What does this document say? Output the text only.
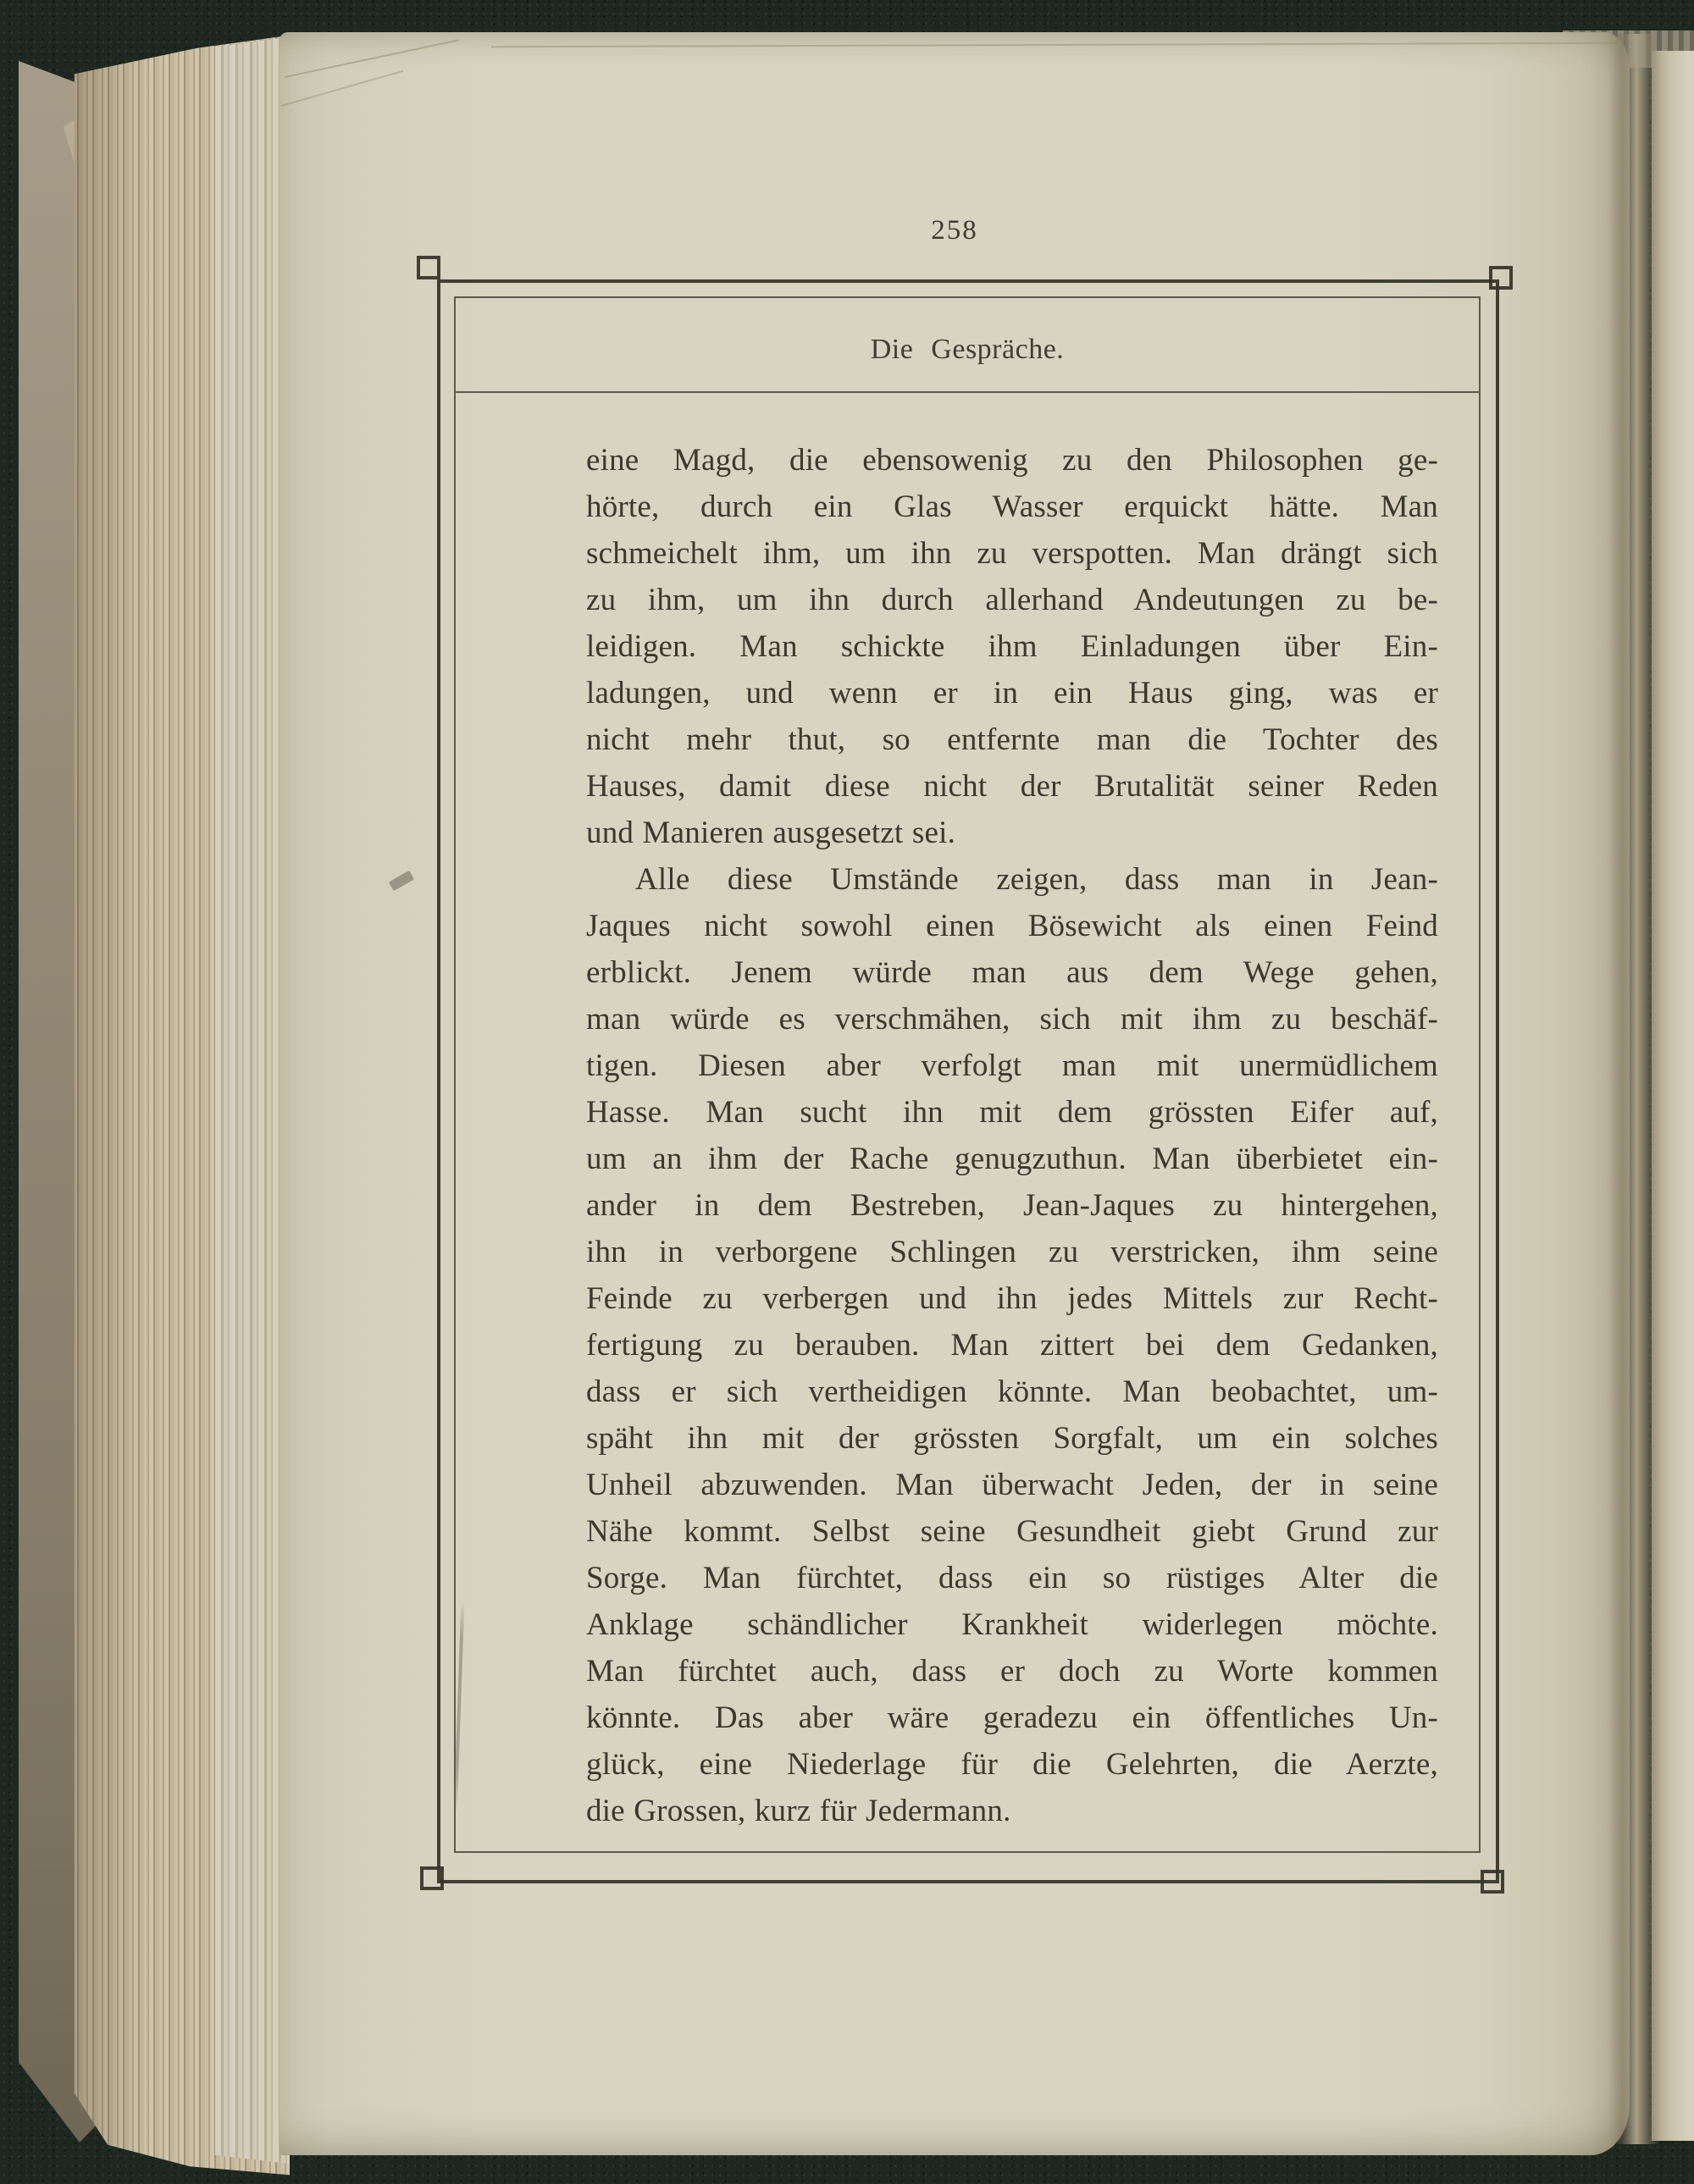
258
Die Gespräche.
eine Magd, die ebensowenig zu den Philosophen ge-
hörte, durch ein Glas Wasser erquickt hätte. Man
schmeichelt ihm, um ihn zu verspotten. Man drängt sich
zu ihm, um ihn durch allerhand Andeutungen zu be-
leidigen. Man schickte ihm Einladungen über Ein-
ladungen, und wenn er in ein Haus ging, was er
nicht mehr thut, so entfernte man die Tochter des
Hauses, damit diese nicht der Brutalität seiner Reden
und Manieren ausgesetzt sei.
Alle diese Umstände zeigen, dass man in Jean-
Jaques nicht sowohl einen Bösewicht als einen Feind
erblickt. Jenem würde man aus dem Wege gehen,
man würde es verschmähen, sich mit ihm zu beschäf-
tigen. Diesen aber verfolgt man mit unermüdlichem
Hasse. Man sucht ihn mit dem grössten Eifer auf,
um an ihm der Rache genugzuthun. Man überbietet ein-
ander in dem Bestreben, Jean-Jaques zu hintergehen,
ihn in verborgene Schlingen zu verstricken, ihm seine
Feinde zu verbergen und ihn jedes Mittels zur Recht-
fertigung zu berauben. Man zittert bei dem Gedanken,
dass er sich vertheidigen könnte. Man beobachtet, um-
späht ihn mit der grössten Sorgfalt, um ein solches
Unheil abzuwenden. Man überwacht Jeden, der in seine
Nähe kommt. Selbst seine Gesundheit giebt Grund zur
Sorge. Man fürchtet, dass ein so rüstiges Alter die
Anklage schändlicher Krankheit widerlegen möchte.
Man fürchtet auch, dass er doch zu Worte kommen
könnte. Das aber wäre geradezu ein öffentliches Un-
glück, eine Niederlage für die Gelehrten, die Aerzte,
die Grossen, kurz für Jedermann.
